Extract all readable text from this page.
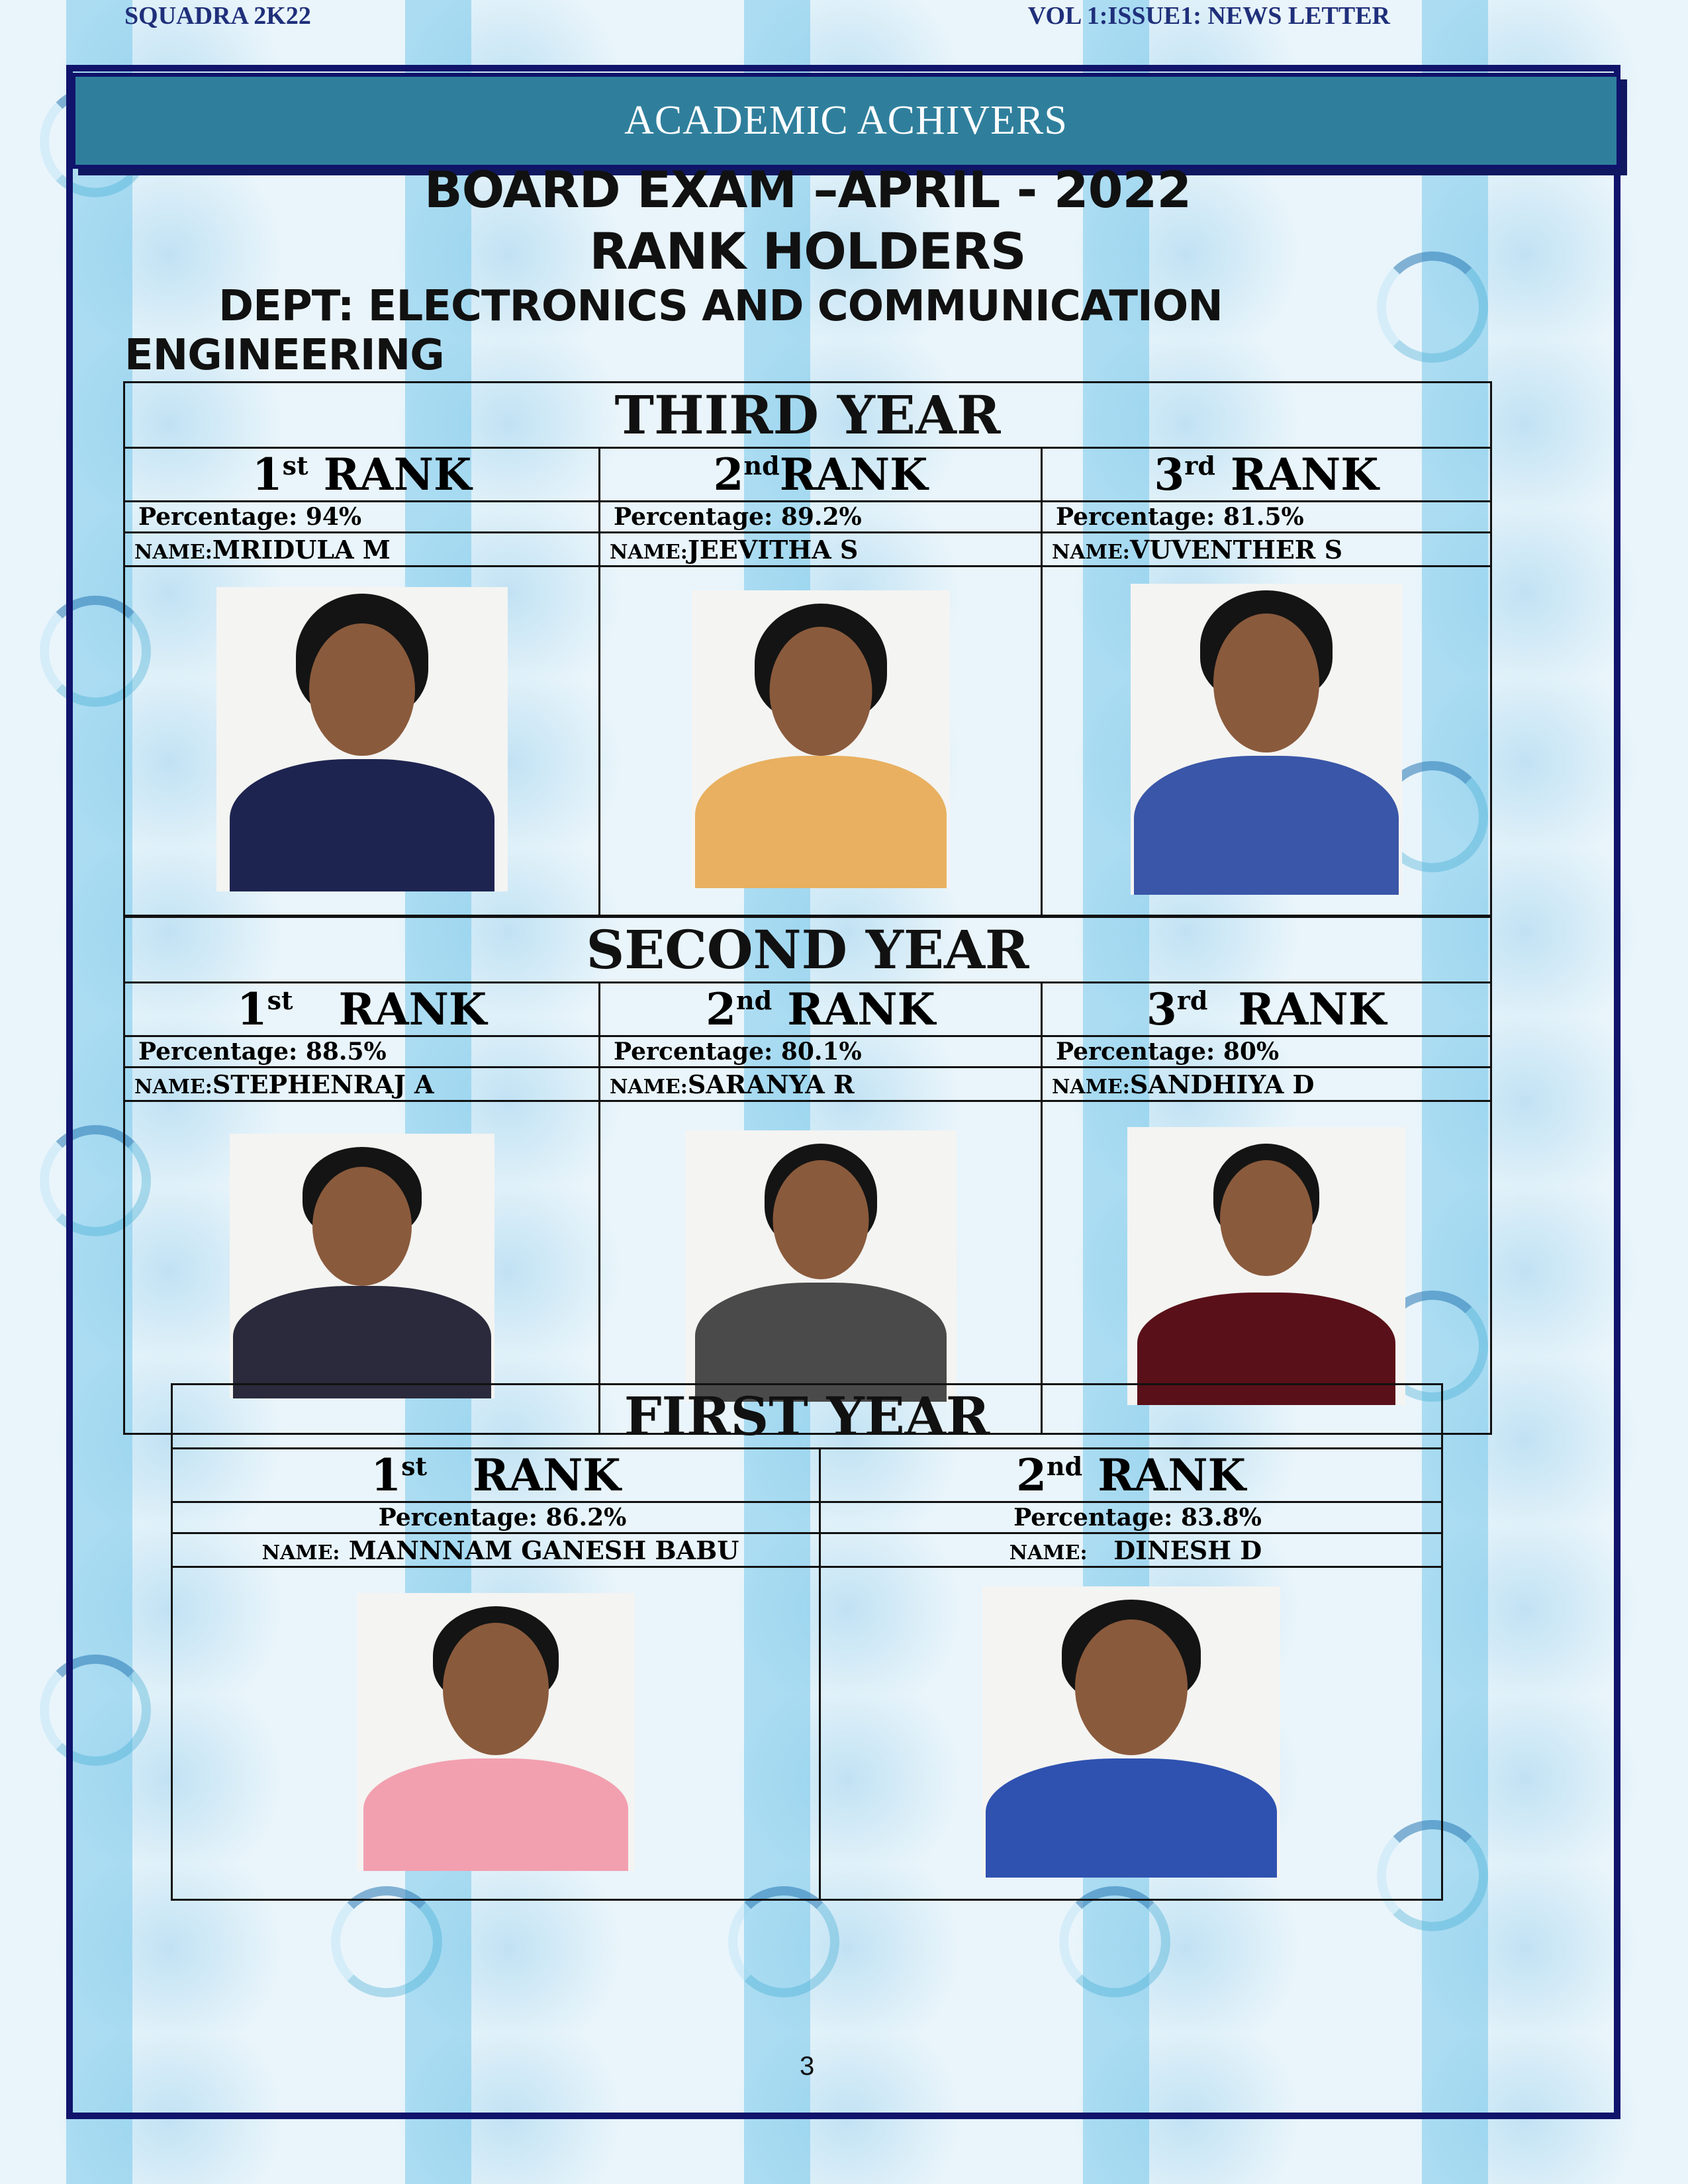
SQUADRA 2K22	VOL 1:ISSUE1: NEWS LETTER
ACADEMIC ACHIVERS
BOARD EXAM –APRIL - 2022
RANK HOLDERS
DEPT: ELECTRONICS AND COMMUNICATION
ENGINEERING
THIRD YEAR		
1st RANK	2ndRANK	3rd RANK
Percentage: 94%	Percentage: 89.2%	Percentage: 81.5%
NAME:MRIDULA M	NAME:JEEVITHA S	NAME:VUVENTHER S

SECOND YEAR		
1st RANK	2nd RANK	3rd RANK
Percentage: 88.5%	Percentage: 80.1%	Percentage: 80%
NAME:STEPHENRAJ A	NAME:SARANYA R	NAME:SANDHIYA D

FIRST YEAR	
1st RANK	2nd RANK
Percentage: 86.2%	Percentage: 83.8%
NAME: MANNNAM GANESH BABU	NAME: DINESH D

3
